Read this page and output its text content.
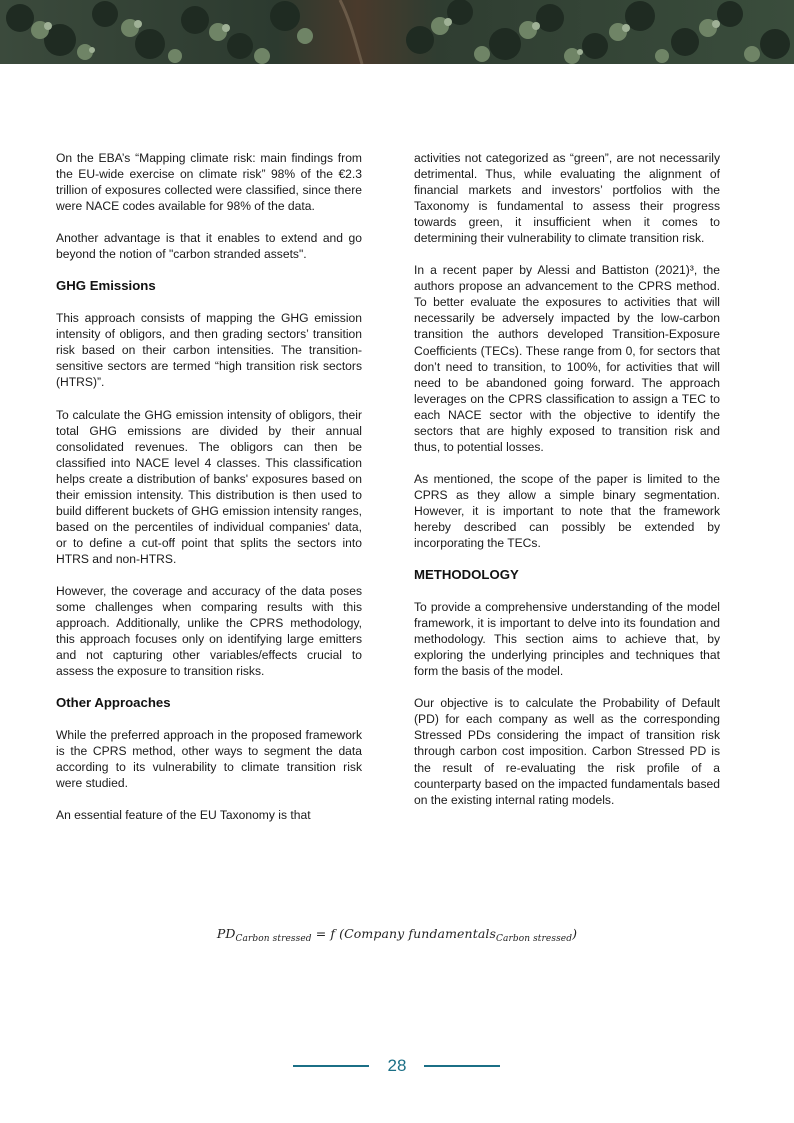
On the EBA’s “Mapping climate risk: main findings from the EU-wide exercise on climate risk” 98% of the €2.3 trillion of exposures collected were classified, since there were NACE codes available for 98% of the data.

Another advantage is that it enables to extend and go beyond the notion of "carbon stranded assets".

GHG Emissions

This approach consists of mapping the GHG emission intensity of obligors, and then grading sectors’ transition risk based on their carbon intensities. The transition-sensitive sectors are termed “high transition risk sectors (HTRS)”.

To calculate the GHG emission intensity of obligors, their total GHG emissions are divided by their annual consolidated revenues. The obligors can then be classified into NACE level 4 classes. This classification helps create a distribution of banks' exposures based on their emission intensity. This distribution is then used to build different buckets of GHG emission intensity ranges, based on the percentiles of individual companies' data, or to define a cut-off point that splits the sectors into HTRS and non-HTRS.

However, the coverage and accuracy of the data poses some challenges when comparing results with this approach. Additionally, unlike the CPRS methodology, this approach focuses only on identifying large emitters and not capturing other variables/effects crucial to assess the exposure to transition risks.

Other Approaches

While the preferred approach in the proposed framework is the CPRS method, other ways to segment the data according to its vulnerability to climate transition risk were studied.

An essential feature of the EU Taxonomy is that

activities not categorized as “green”, are not necessarily detrimental. Thus, while evaluating the alignment of financial markets and investors’ portfolios with the Taxonomy is fundamental to assess their progress towards green, it insufficient when it comes to determining their vulnerability to climate transition risk.

In a recent paper by Alessi and Battiston (2021)³, the authors propose an advancement to the CPRS method. To better evaluate the exposures to activities that will necessarily be adversely impacted by the low-carbon transition the authors developed Transition-Exposure Coefficients (TECs). These range from 0, for sectors that don’t need to transition, to 100%, for activities that will need to be abandoned going forward. The approach leverages on the CPRS classification to assign a TEC to each NACE sector with the objective to identify the sectors that are highly exposed to transition risk and thus, to potential losses.

As mentioned, the scope of the paper is limited to the CPRS as they allow a simple binary segmentation. However, it is important to note that the framework hereby described can possibly be extended by incorporating the TECs.

METHODOLOGY

To provide a comprehensive understanding of the model framework, it is important to delve into its foundation and methodology. This section aims to achieve that, by exploring the underlying principles and techniques that form the basis of the model.

Our objective is to calculate the Probability of Default (PD) for each company as well as the corresponding Stressed PDs considering the impact of transition risk through carbon cost imposition. Carbon Stressed PD is the result of re-evaluating the risk profile of a counterparty based on the impacted fundamentals based on the existing internal rating models.

$PD_{Carbon stressed} = f$ (Company fundamentals$_{Carbon stressed}$)
28
